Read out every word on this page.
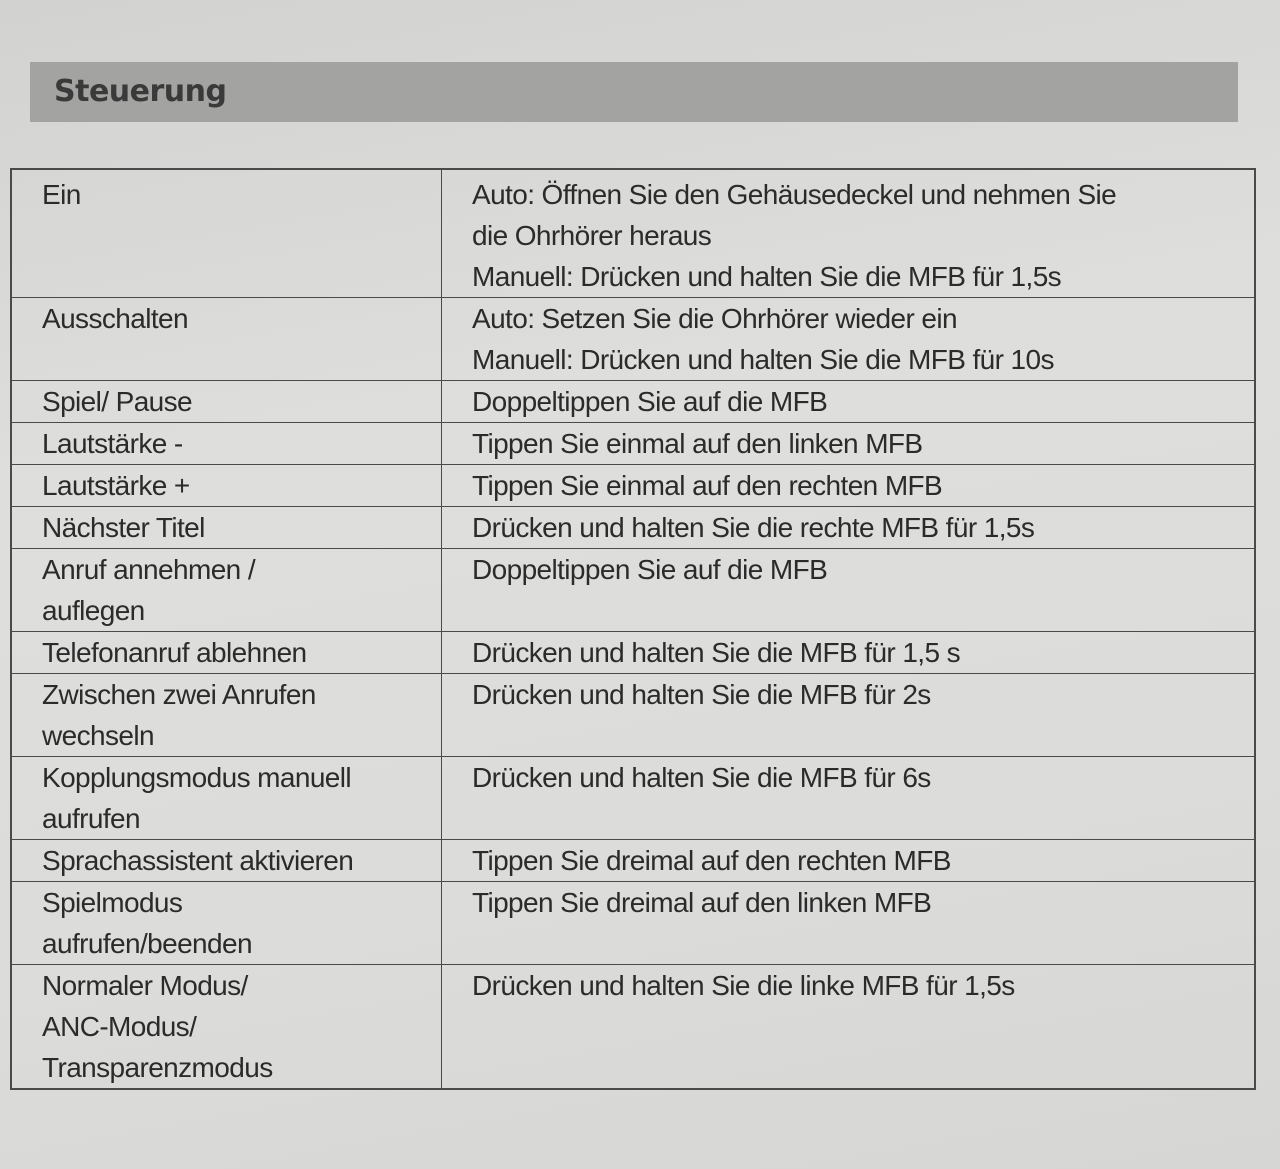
Steuerung
Ein	Auto: Öffnen Sie den Gehäusedeckel und nehmen Sie
die Ohrhörer heraus
Manuell: Drücken und halten Sie die MFB für 1,5s

Ausschalten	Auto: Setzen Sie die Ohrhörer wieder ein
Manuell: Drücken und halten Sie die MFB für 10s

Spiel/ Pause	Doppeltippen Sie auf die MFB

Lautstärke -	Tippen Sie einmal auf den linken MFB

Lautstärke +	Tippen Sie einmal auf den rechten MFB

Nächster Titel	Drücken und halten Sie die rechte MFB für 1,5s

Anruf annehmen /
auflegen	Doppeltippen Sie auf die MFB

Telefonanruf ablehnen	Drücken und halten Sie die MFB für 1,5 s

Zwischen zwei Anrufen
wechseln	Drücken und halten Sie die MFB für 2s

Kopplungsmodus manuell
aufrufen	Drücken und halten Sie die MFB für 6s

Sprachassistent aktivieren	Tippen Sie dreimal auf den rechten MFB

Spielmodus
aufrufen/beenden	Tippen Sie dreimal auf den linken MFB

Normaler Modus/
ANC-Modus/
Transparenzmodus	Drücken und halten Sie die linke MFB für 1,5s
